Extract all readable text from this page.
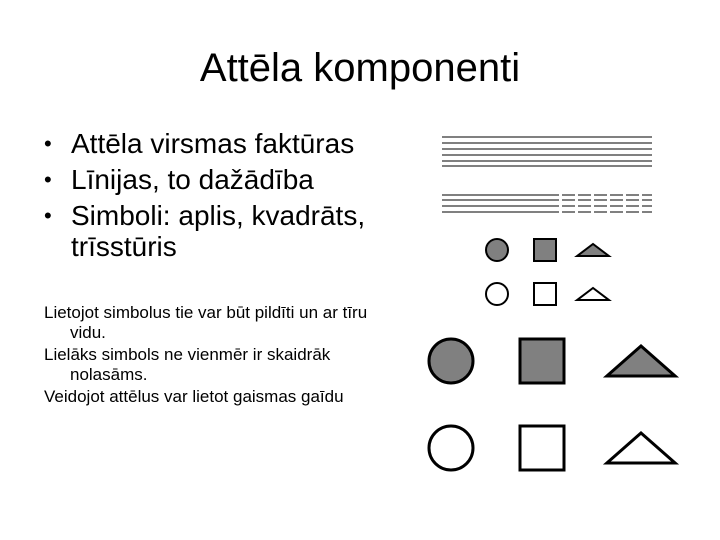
Attēla komponenti
• Attēla virsmas faktūras
• Līnijas, to dažādība
• Simboli: aplis, kvadrāts, trīsstūris

Lietojot simbolus tie var būt pildīti un ar tīru vidu.

Lielāks simbols ne vienmēr ir skaidrāk nolasāms.

Veidojot attēlus var lietot gaismas gaīdu
